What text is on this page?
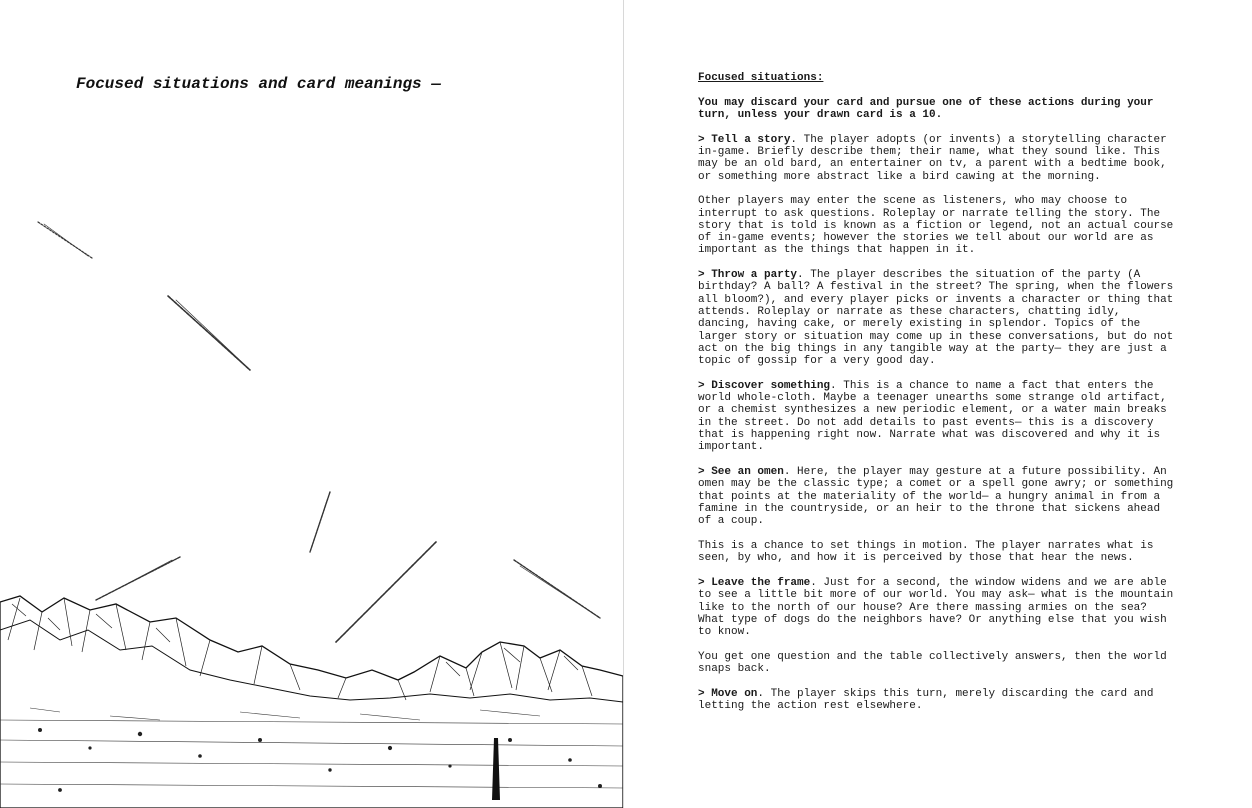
Focused situations and card meanings —	Focused situations:

You may discard your card and pursue one of these actions during your turn, unless your drawn card is a 10.

> Tell a story. The player adopts (or invents) a storytelling character in-game. Briefly describe them; their name, what they sound like. This may be an old bard, an entertainer on tv, a parent with a bedtime book, or something more abstract like a bird cawing at the morning.

Other players may enter the scene as listeners, who may choose to interrupt to ask questions. Roleplay or narrate telling the story. The story that is told is known as a fiction or legend, not an actual course of in-game events; however the stories we tell about our world are as important as the things that happen in it.

> Throw a party. The player describes the situation of the party (A birthday? A ball? A festival in the street? The spring, when the flowers all bloom?), and every player picks or invents a character or thing that attends. Roleplay or narrate as these characters, chatting idly, dancing, having cake, or merely existing in splendor. Topics of the larger story or situation may come up in these conversations, but do not act on the big things in any tangible way at the party— they are just a topic of gossip for a very good day.

> Discover something. This is a chance to name a fact that enters the world whole-cloth. Maybe a teenager unearths some strange old artifact, or a chemist synthesizes a new periodic element, or a water main breaks in the street. Do not add details to past events— this is a discovery that is happening right now. Narrate what was discovered and why it is important.

> See an omen. Here, the player may gesture at a future possibility. An omen may be the classic type; a comet or a spell gone awry; or something that points at the materiality of the world— a hungry animal in from a famine in the countryside, or an heir to the throne that sickens ahead of a coup.

This is a chance to set things in motion. The player narrates what is seen, by who, and how it is perceived by those that hear the news.

> Leave the frame. Just for a second, the window widens and we are able to see a little bit more of our world. You may ask— what is the mountain like to the north of our house? Are there massing armies on the sea? What type of dogs do the neighbors have? Or anything else that you wish to know.

You get one question and the table collectively answers, then the world snaps back.

> Move on. The player skips this turn, merely discarding the card and letting the action rest elsewhere.
